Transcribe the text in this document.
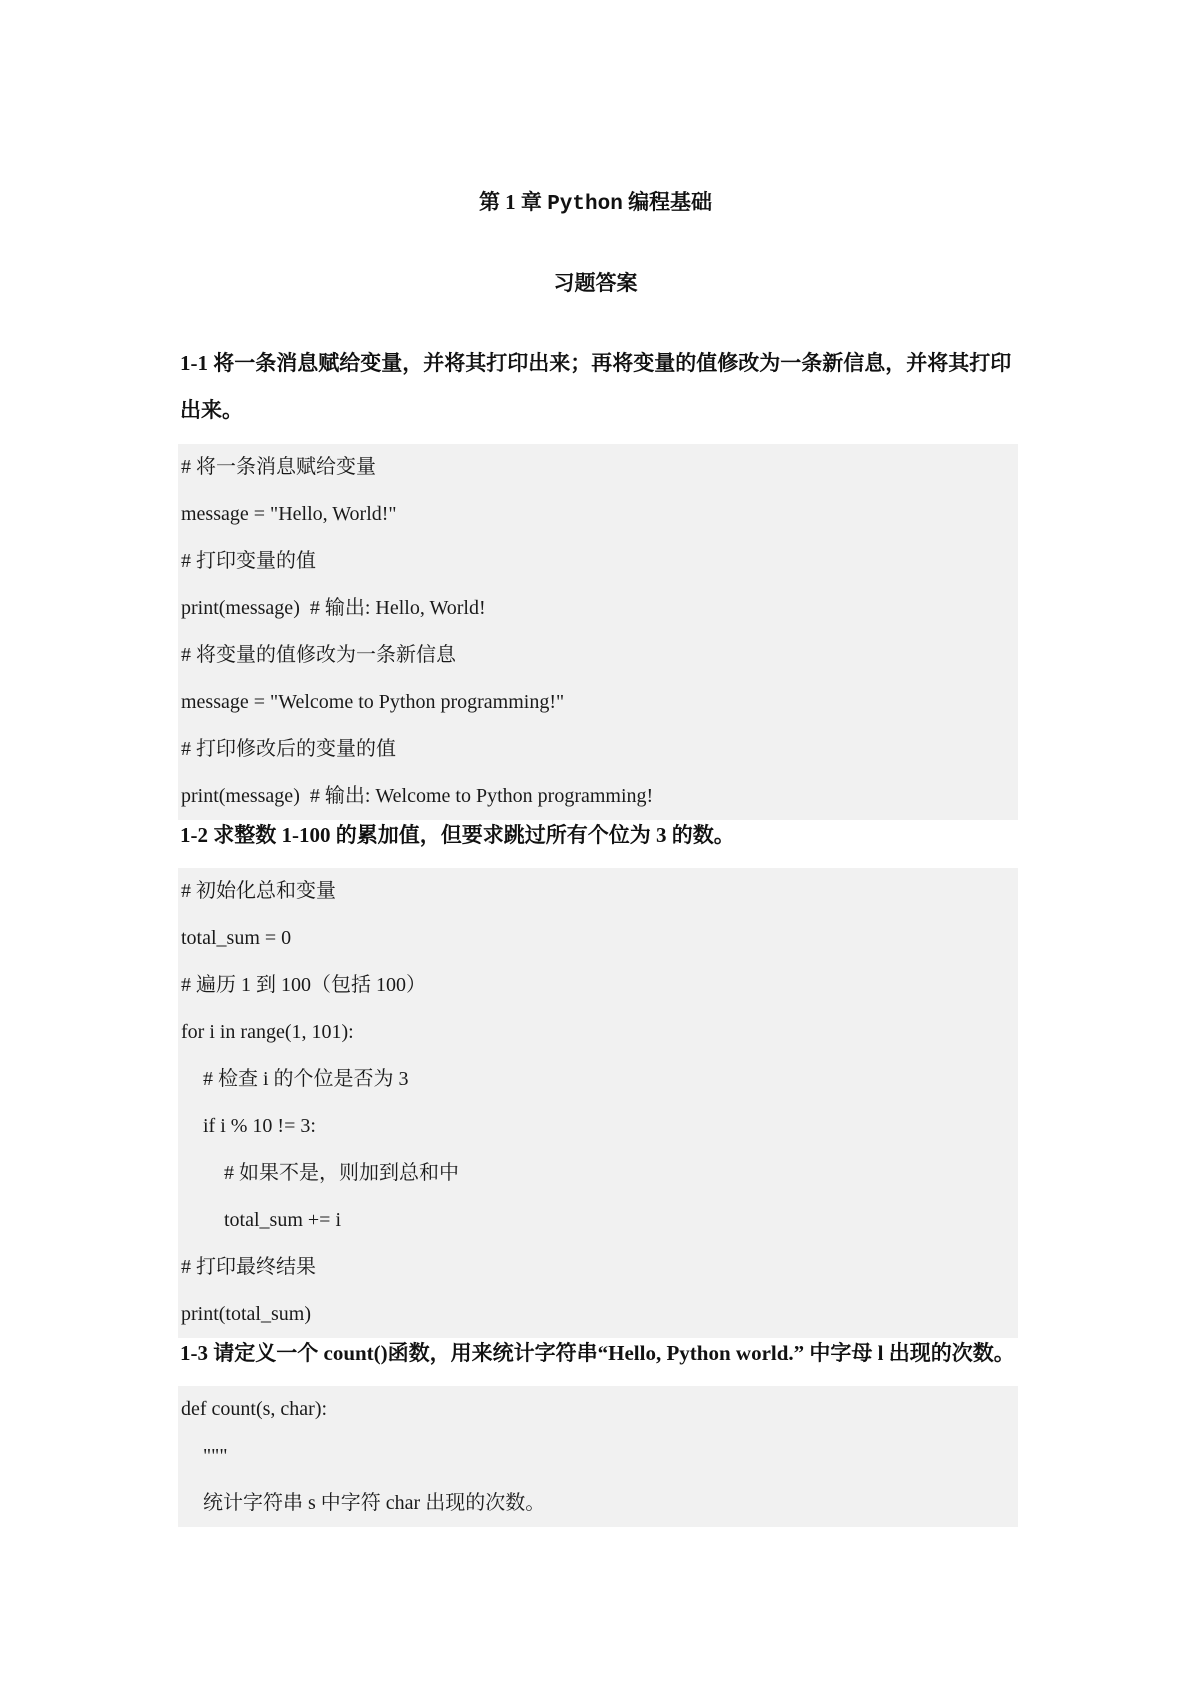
第 1 章 Python 编程基础
习题答案
1-1 将一条消息赋给变量，并将其打印出来；再将变量的值修改为一条新信息，并将其打印出来。
# 将一条消息赋给变量
message = "Hello, World!"
# 打印变量的值
print(message)  # 输出: Hello, World!
# 将变量的值修改为一条新信息
message = "Welcome to Python programming!"
# 打印修改后的变量的值
print(message)  # 输出: Welcome to Python programming!
1-2 求整数 1-100 的累加值，但要求跳过所有个位为 3 的数。
# 初始化总和变量
total_sum = 0
# 遍历 1 到 100（包括 100）
for i in range(1, 101):
# 检查 i 的个位是否为 3
if i % 10 != 3:
# 如果不是，则加到总和中
total_sum += i
# 打印最终结果
print(total_sum)
1-3 请定义一个 count()函数，用来统计字符串“Hello, Python world.” 中字母 l 出现的次数。
def count(s, char):
"""
统计字符串 s 中字符 char 出现的次数。
